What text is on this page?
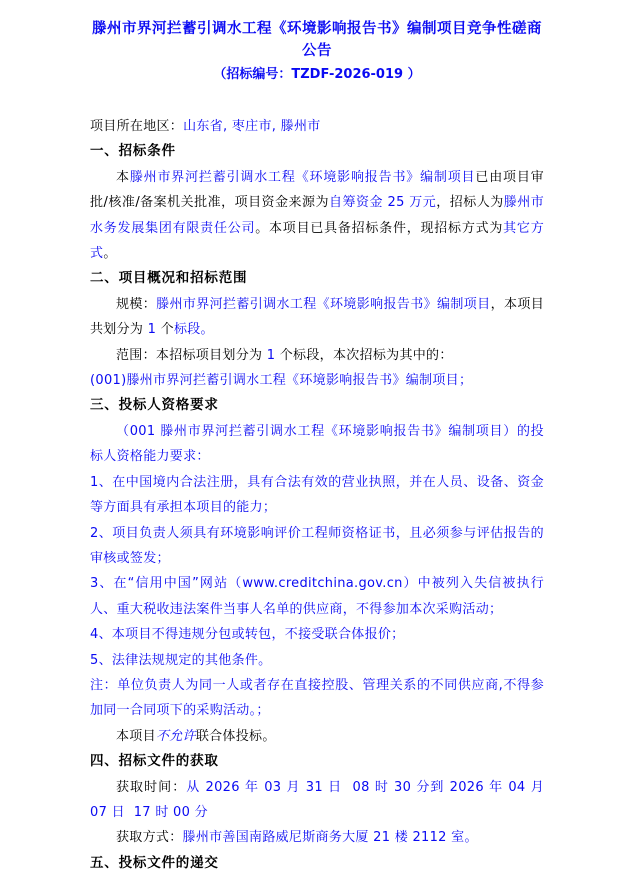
滕州市界河拦蓄引调水工程《环境影响报告书》编制项目竞争性磋商公告
（招标编号：TZDF-2026-019 ）

项目所在地区：山东省, 枣庄市, 滕州市

一、招标条件

本滕州市界河拦蓄引调水工程《环境影响报告书》编制项目已由项目审批/核准/备案机关批准，项目资金来源为自筹资金 25 万元，招标人为滕州市水务发展集团有限责任公司。本项目已具备招标条件，现招标方式为其它方式。

二、项目概况和招标范围

规模：滕州市界河拦蓄引调水工程《环境影响报告书》编制项目，本项目共划分为 1 个标段。

范围：本招标项目划分为 1 个标段，本次招标为其中的：

(001)滕州市界河拦蓄引调水工程《环境影响报告书》编制项目；

三、投标人资格要求

（001 滕州市界河拦蓄引调水工程《环境影响报告书》编制项目）的投标人资格能力要求：

1、在中国境内合法注册，具有合法有效的营业执照，并在人员、设备、资金等方面具有承担本项目的能力；

2、项目负责人须具有环境影响评价工程师资格证书，且必须参与评估报告的审核或签发；

3、在“信用中国”网站（www.creditchina.gov.cn）中被列入失信被执行人、重大税收违法案件当事人名单的供应商，不得参加本次采购活动；

4、本项目不得违规分包或转包，不接受联合体报价；

5、法律法规规定的其他条件。

注：单位负责人为同一人或者存在直接控股、管理关系的不同供应商,不得参加同一合同项下的采购活动。；

本项目不允许联合体投标。

四、招标文件的获取

获取时间：从 2026 年 03 月 31 日  08 时 30 分到 2026 年 04 月 07 日  17 时 00 分

获取方式：滕州市善国南路威尼斯商务大厦 21 楼 2112 室。

五、投标文件的递交
